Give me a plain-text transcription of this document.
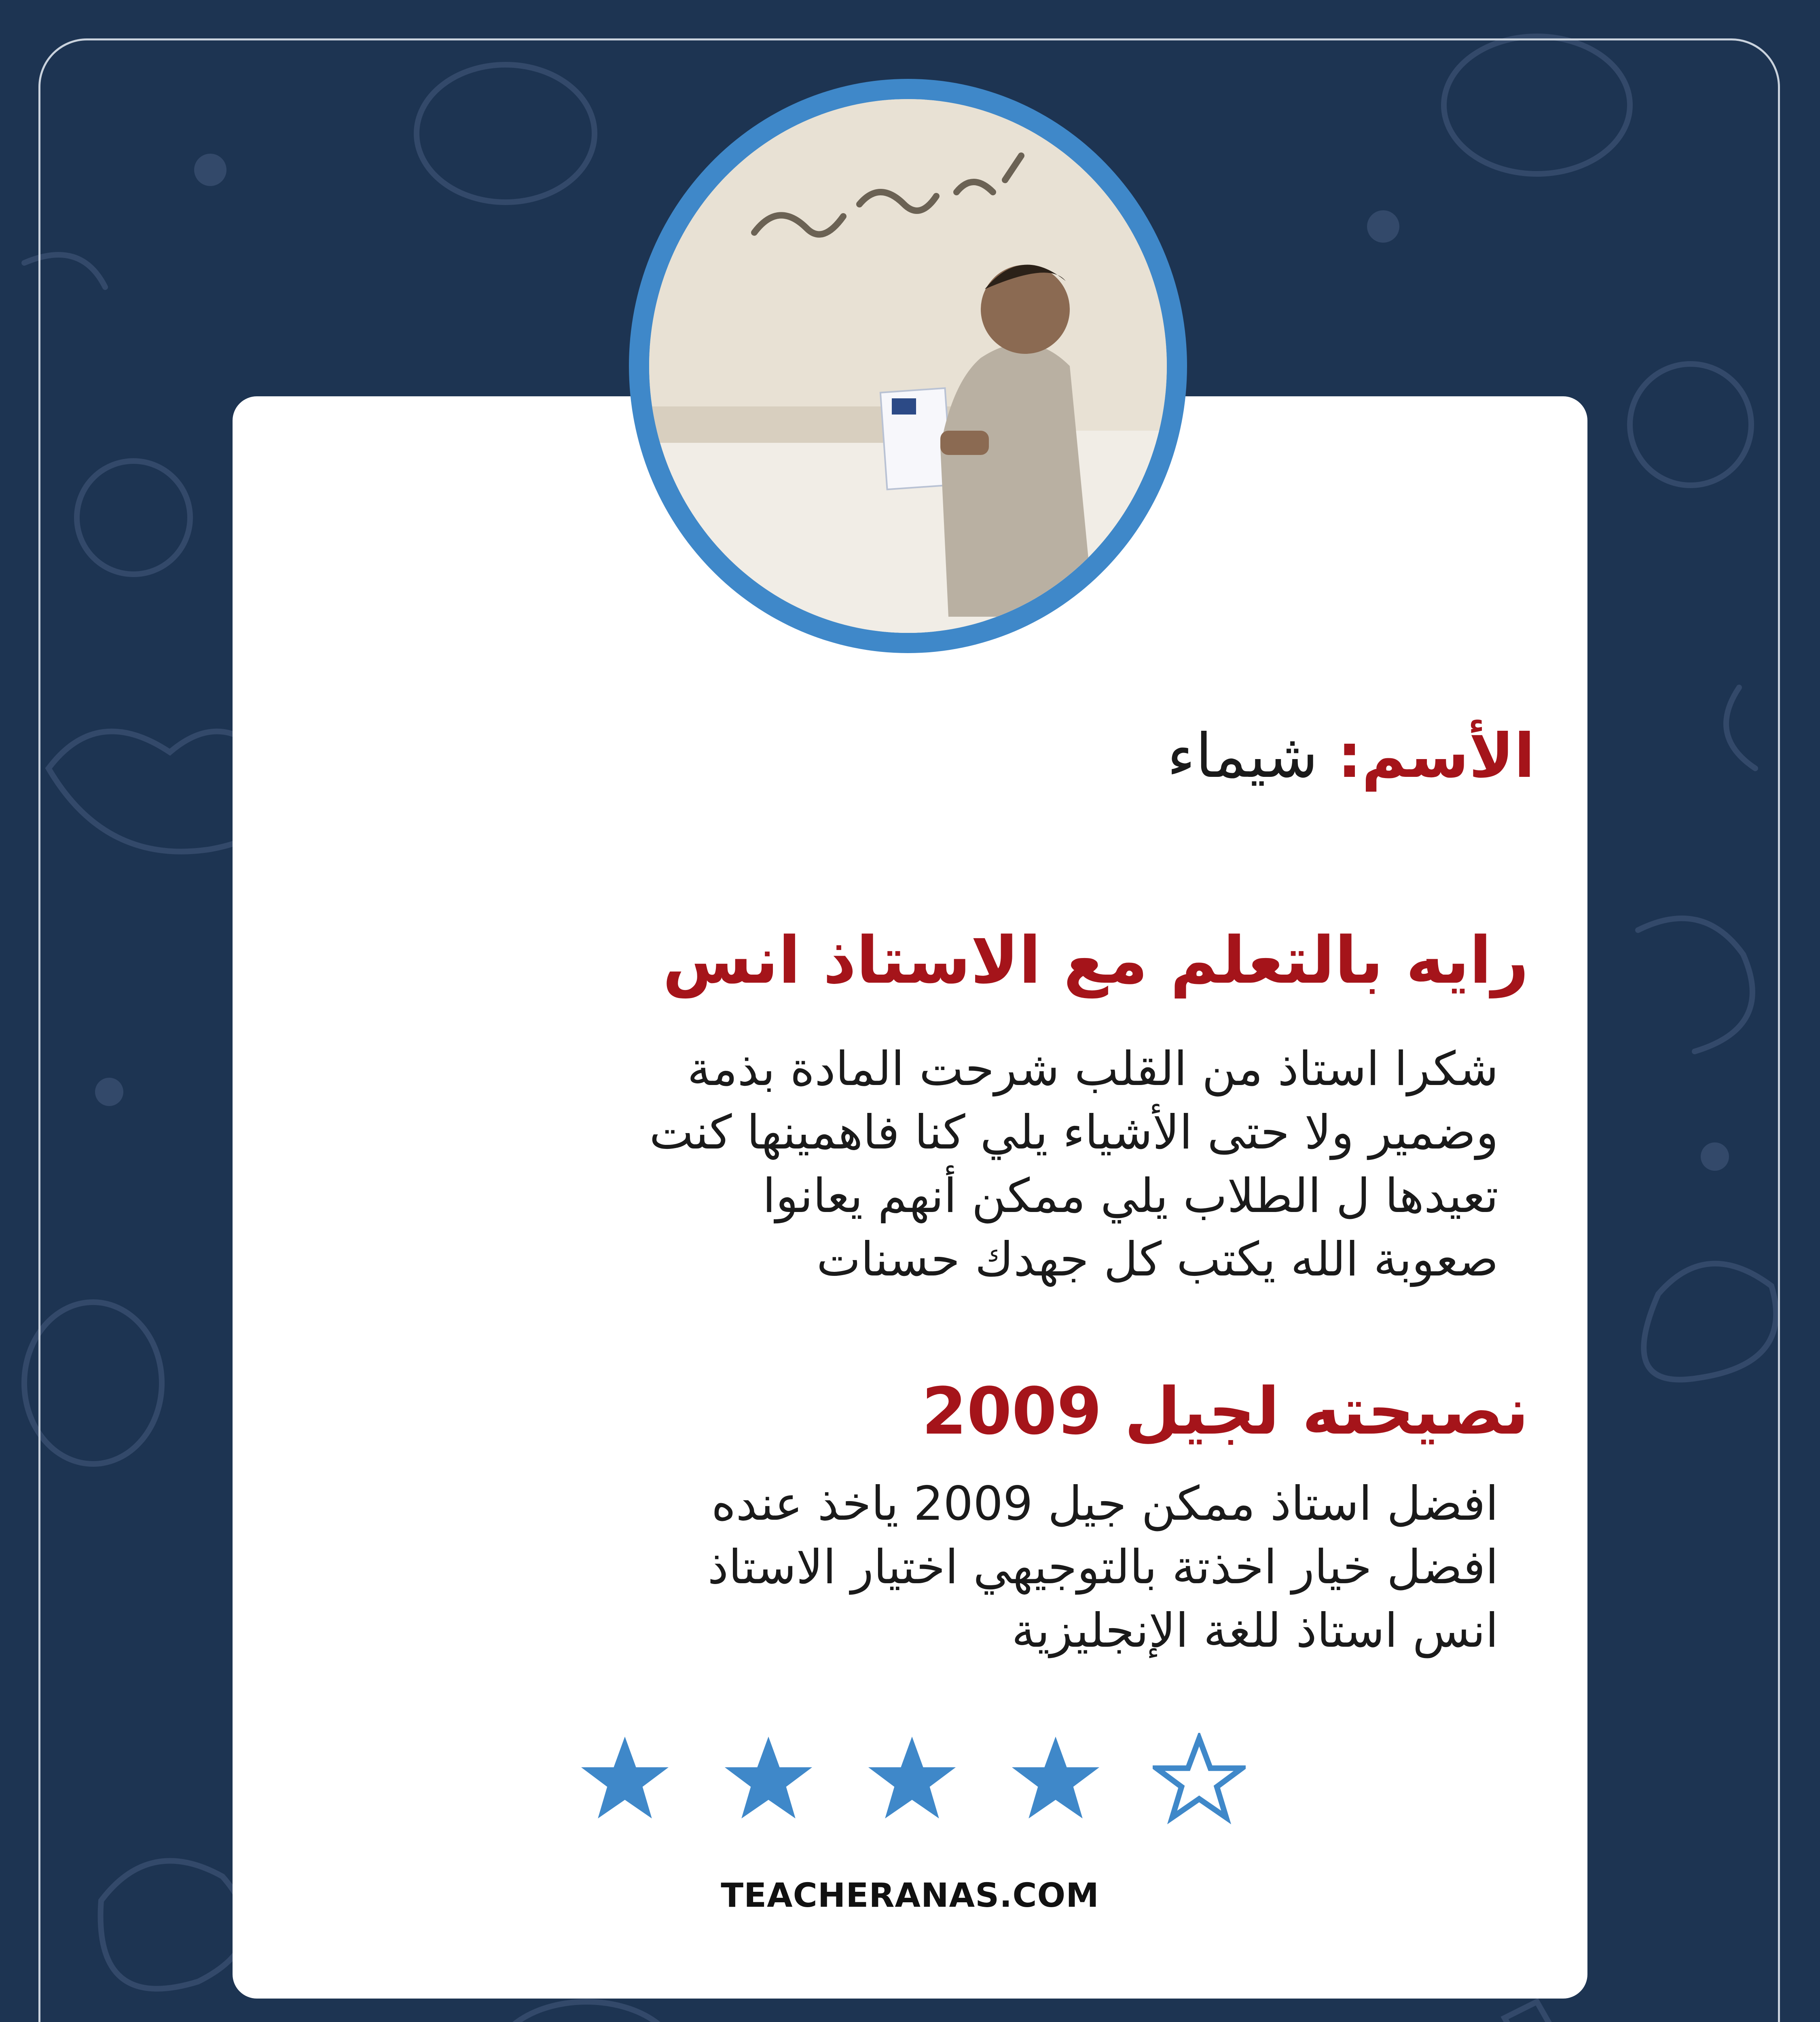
الأسم: شيماء
رايه بالتعلم مع الاستاذ انس
شكرا استاذ من القلب شرحت المادة بذمة
وضمير ولا حتى الأشياء يلي كنا فاهمينها كنت
تعيدها ل الطلاب يلي ممكن أنهم يعانوا
صعوبة الله يكتب كل جهدك حسنات
نصيحته لجيل 2009
افضل استاذ ممكن جيل 2009 ياخذ عنده
افضل خيار اخذتة بالتوجيهي اختيار الاستاذ
انس استاذ للغة الإنجليزية
TEACHERANAS.COM
